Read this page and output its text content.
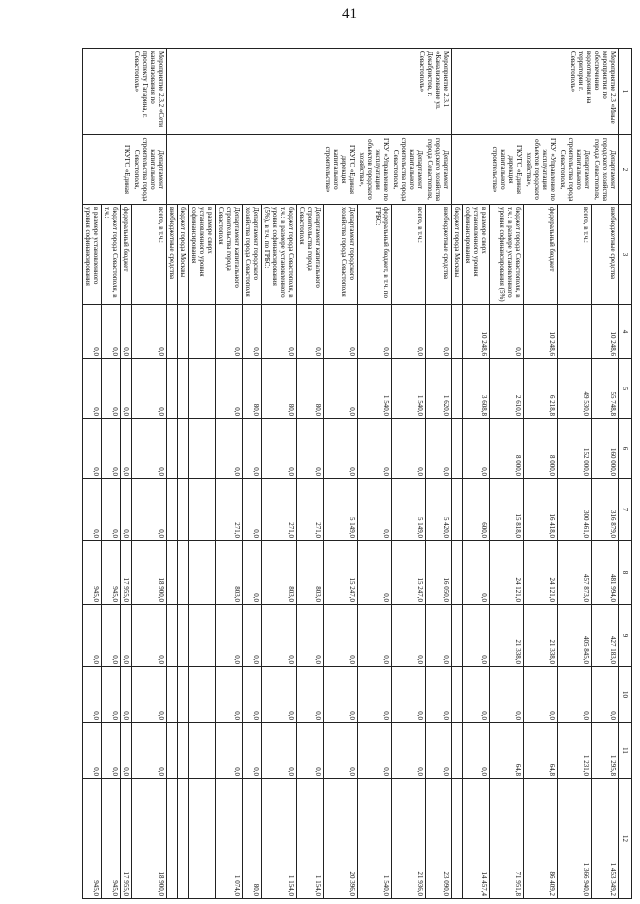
41
1	2	3	4	5	6	7	8	9	10	11	12
Мероприятие 2.3 «Иные мероприятия по обеспечению водоотведения на территории г. Севастополь»	Департамент городского хозяйства города Севастополя,	внебюджетные средства	10 248,6	55 748,8	160 000,0	316 879,0	481 994,0	427 183,0	0,0	1 295,8	1 453 349,2
	Департамент капитального строительства города Севастополя,	всего, в т.ч.:		49 530,0	152 000,0	300 461,0	457 873,0	405 845,0	0,0	1 231,0	1 366 940,0
	ГКУ «Управление по эксплуатации объектов городского хозяйства»,	федеральный бюджет	10 248,6	6 218,8	8 000,0	16 418,0	24 121,0	21 338,0	0,0	64,8	86 409,2
	ГКУГС «Единая дирекция капитального строительства»	бюджет города Севастополя, в т.ч.: в размере установленного уровня софинансирования (5%)	0,0	2 610,0	8 000,0	15 818,0	24 121,0	21 338,0	0,0	64,8	71 951,8
		в размере сверх установленного уровня софинансирования	10 248,6	3 608,8	0,0	600,0	0,0	0,0	0,0	0,0	14 457,4
		бюджет города Москвы									
Мероприятие 2.3.1 «Канализование ул. Декабристов, г. Севастополь»	Департамент городского хозяйства города Севастополя,	внебюджетные средства	0,0	1 620,0	0,0	5 420,0	16 050,0	0,0	0,0	0,0	23 090,0
	Департамент капитального строительства города Севастополя,	всего, в т.ч.:	0,0	1 540,0	0,0	5 149,0	15 247,0	0,0	0,0	0,0	21 936,0
	ГКУ «Управление по эксплуатации объектов городского хозяйства»,	федеральный бюджет, в т.ч. по ГРБС:	0,0	1 540,0	0,0	0,0	0,0	0,0	0,0	0,0	1 540,0
	ГКУГС «Единая дирекция капитального строительства»	Департамент городского хозяйства города Севастополя	0,0	0,0	0,0	5 149,0	15 247,0	0,0	0,0	0,0	20 396,0
		Департамент капитального строительства города Севастополя	0,0	80,0	0,0	271,0	803,0	0,0	0,0	0,0	1 154,0
		бюджет города Севастополя, в т.ч.: в размере установленного уровня софинансирования (5%), в т.ч. по ГРБС:	0,0	80,0	0,0	271,0	803,0	0,0	0,0	0,0	1 154,0
		Департамент городского хозяйства города Севастополя	0,0	80,0	0,0	0,0	0,0	0,0	0,0	0,0	80,0
		Департамент капитального строительства города Севастополя	0,0	0,0	0,0	271,0	803,0	0,0	0,0	0,0	1 074,0
		в размере сверх установленного уровня софинансирования									
		бюджет города Москвы									
		внебюджетные средства									
Мероприятие 2.3.2 «Сети канализования по проспекту Гагарина, г. Севастополь»	Департамент капитального строительства города Севастополя,	всего, в т.ч.:	0,0	0,0	0,0	0,0	18 900,0	0,0	0,0	0,0	18 900,0
	ГКУГС «Единая	федеральный бюджет	0,0	0,0	0,0	0,0	17 955,0	0,0	0,0	0,0	17 955,0
		бюджет города Севастополя, в т.ч.:	0,0	0,0	0,0	0,0	945,0	0,0	0,0	0,0	945,0
		в размере установленного уровня софинансирования	0,0	0,0	0,0	0,0	945,0	0,0	0,0	0,0	945,0
